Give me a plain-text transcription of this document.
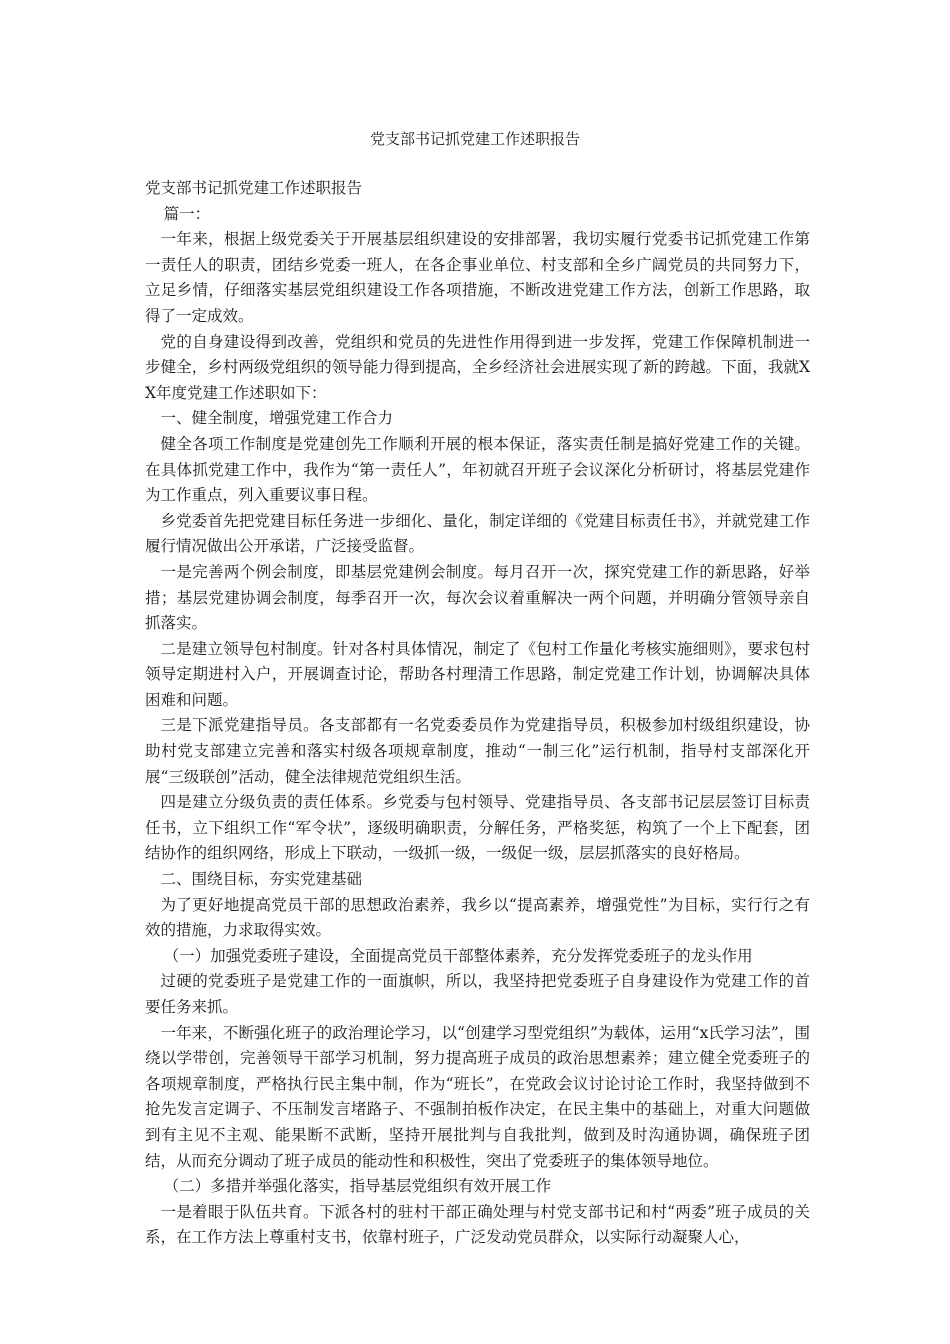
党支部书记抓党建工作述职报告

党支部书记抓党建工作述职报告

篇一：

一年来，根据上级党委关于开展基层组织建设的安排部署，我切实履行党委书记抓党建工作第一责任人的职责，团结乡党委一班人，在各企事业单位、村支部和全乡广阔党员的共同努力下，立足乡情，仔细落实基层党组织建设工作各项措施，不断改进党建工作方法，创新工作思路，取得了一定成效。

党的自身建设得到改善，党组织和党员的先进性作用得到进一步发挥，党建工作保障机制进一步健全，乡村两级党组织的领导能力得到提高，全乡经济社会进展实现了新的跨越。下面，我就XX年度党建工作述职如下：

一、健全制度，增强党建工作合力

健全各项工作制度是党建创先工作顺利开展的根本保证，落实责任制是搞好党建工作的关键。在具体抓党建工作中，我作为“第一责任人”，年初就召开班子会议深化分析研讨，将基层党建作为工作重点，列入重要议事日程。

乡党委首先把党建目标任务进一步细化、量化，制定详细的《党建目标责任书》，并就党建工作履行情况做出公开承诺，广泛接受监督。

一是完善两个例会制度，即基层党建例会制度。每月召开一次，探究党建工作的新思路，好举措；基层党建协调会制度，每季召开一次，每次会议着重解决一两个问题，并明确分管领导亲自抓落实。

二是建立领导包村制度。针对各村具体情况，制定了《包村工作量化考核实施细则》，要求包村领导定期进村入户，开展调查讨论，帮助各村理清工作思路，制定党建工作计划，协调解决具体困难和问题。

三是下派党建指导员。各支部都有一名党委委员作为党建指导员，积极参加村级组织建设，协助村党支部建立完善和落实村级各项规章制度，推动“一制三化”运行机制，指导村支部深化开展“三级联创”活动，健全法律规范党组织生活。

四是建立分级负责的责任体系。乡党委与包村领导、党建指导员、各支部书记层层签订目标责任书，立下组织工作“军令状”，逐级明确职责，分解任务，严格奖惩，构筑了一个上下配套，团结协作的组织网络，形成上下联动，一级抓一级，一级促一级，层层抓落实的良好格局。

二、围绕目标，夯实党建基础

为了更好地提高党员干部的思想政治素养，我乡以“提高素养，增强党性”为目标，实行行之有效的措施，力求取得实效。

（一）加强党委班子建设，全面提高党员干部整体素养，充分发挥党委班子的龙头作用

过硬的党委班子是党建工作的一面旗帜，所以，我坚持把党委班子自身建设作为党建工作的首要任务来抓。

一年来，不断强化班子的政治理论学习，以“创建学习型党组织”为载体，运用“x氏学习法”，围绕以学带创，完善领导干部学习机制，努力提高班子成员的政治思想素养；建立健全党委班子的各项规章制度，严格执行民主集中制，作为“班长”，在党政会议讨论讨论工作时，我坚持做到不抢先发言定调子、不压制发言堵路子、不强制拍板作决定，在民主集中的基础上，对重大问题做到有主见不主观、能果断不武断，坚持开展批判与自我批判，做到及时沟通协调，确保班子团结，从而充分调动了班子成员的能动性和积极性，突出了党委班子的集体领导地位。

（二）多措并举强化落实，指导基层党组织有效开展工作

一是着眼于队伍共育。下派各村的驻村干部正确处理与村党支部书记和村“两委”班子成员的关系，在工作方法上尊重村支书，依靠村班子，广泛发动党员群众，以实际行动凝聚人心，
